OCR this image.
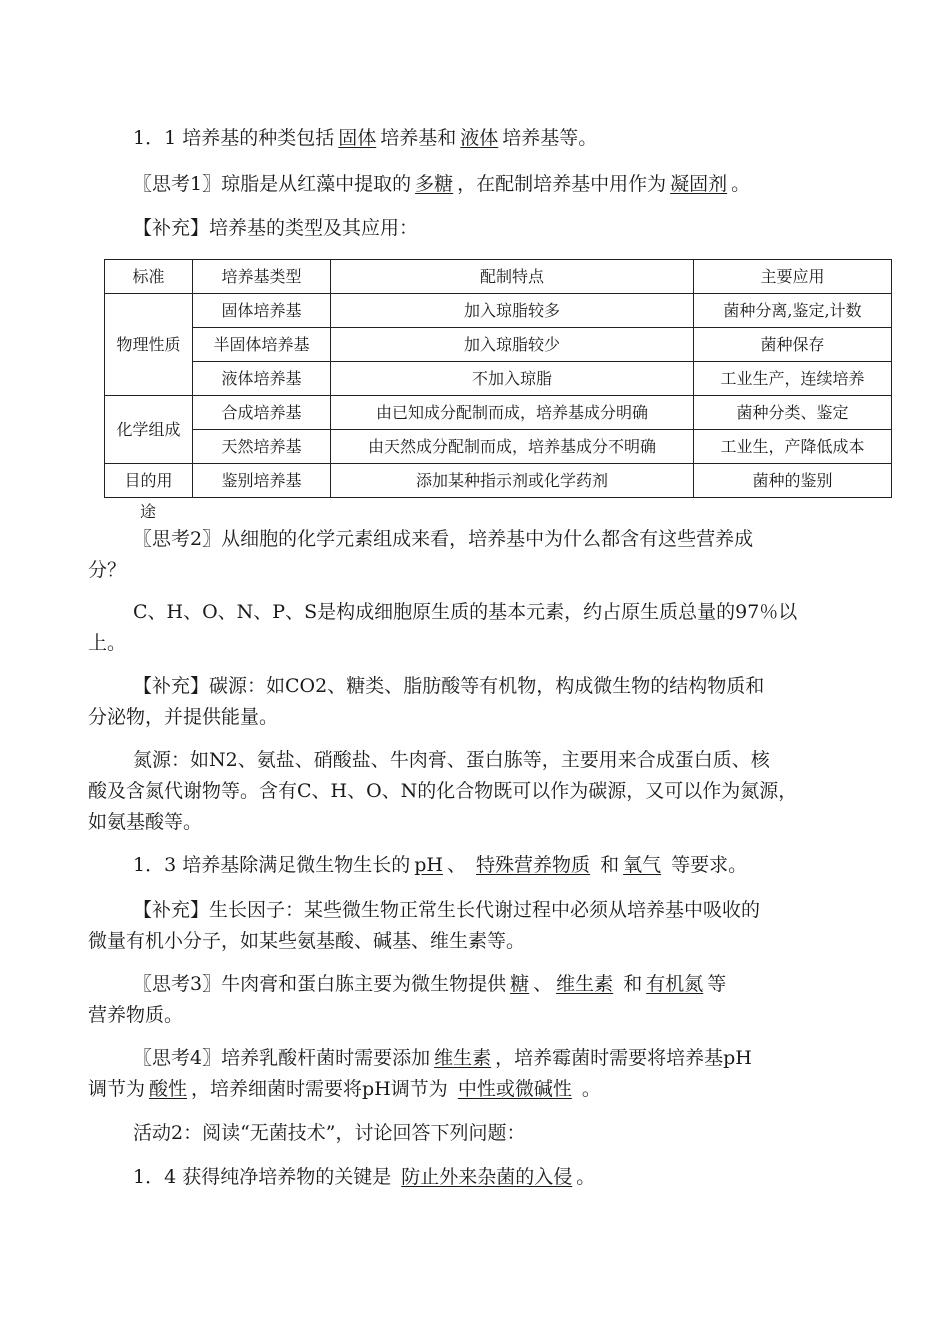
1．1 培养基的种类包括 固体 培养基和 液体 培养基等。
〖思考1〗琼脂是从红藻中提取的 多糖 ，在配制培养基中用作为 凝固剂 。
【补充】培养基的类型及其应用：
标准	培养基类型	配制特点	主要应用
物理性质	固体培养基	加入琼脂较多	菌种分离,鉴定,计数
	半固体培养基	加入琼脂较少	菌种保存
	液体培养基	不加入琼脂	工业生产，连续培养
化学组成	合成培养基	由已知成分配制而成，培养基成分明确	菌种分类、鉴定
	天然培养基	由天然成分配制而成，培养基成分不明确	工业生，产降低成本
目的用	鉴别培养基	添加某种指示剂或化学药剂	菌种的鉴别
途
〖思考2〗从细胞的化学元素组成来看，培养基中为什么都含有这些营养成
分？
C、H、O、N、P、S是构成细胞原生质的基本元素，约占原生质总量的97％以
上。
【补充】碳源：如CO2、糖类、脂肪酸等有机物，构成微生物的结构物质和
分泌物，并提供能量。
氮源：如N2、氨盐、硝酸盐、牛肉膏、蛋白胨等，主要用来合成蛋白质、核
酸及含氮代谢物等。含有C、H、O、N的化合物既可以作为碳源，又可以作为氮源，
如氨基酸等。
1．3 培养基除满足微生物生长的 pH 、 特殊营养物质 和 氧气 等要求。
【补充】生长因子：某些微生物正常生长代谢过程中必须从培养基中吸收的
微量有机小分子，如某些氨基酸、碱基、维生素等。
〖思考3〗牛肉膏和蛋白胨主要为微生物提供 糖 、 维生素 和 有机氮 等
营养物质。
〖思考4〗培养乳酸杆菌时需要添加 维生素 ，培养霉菌时需要将培养基pH
调节为 酸性 ，培养细菌时需要将pH调节为 中性或微碱性 。
活动2：阅读“无菌技术”，讨论回答下列问题：
1．4 获得纯净培养物的关键是 防止外来杂菌的入侵 。
